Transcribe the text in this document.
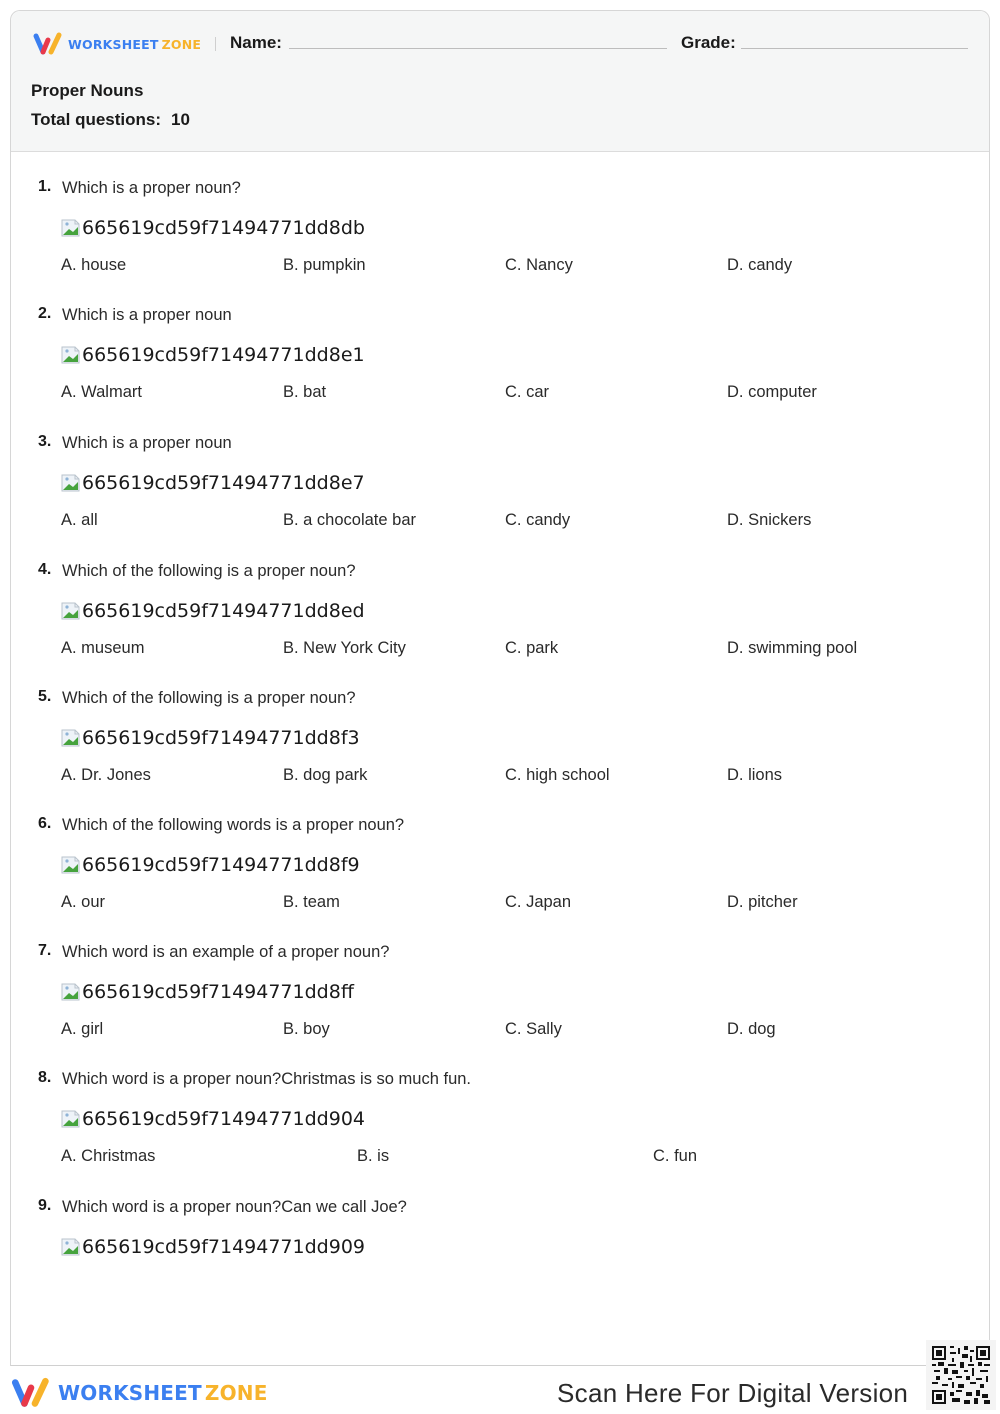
WORKSHEET ZONE Name:	Grade:
Proper Nouns
Total questions: 10
1. Which is a proper noun?
665619cd59f71494771dd8db
A. house	B. pumpkin	C. Nancy	D. candy
2. Which is a proper noun
665619cd59f71494771dd8e1
A. Walmart	B. bat	C. car	D. computer
3. Which is a proper noun
665619cd59f71494771dd8e7
A. all	B. a chocolate bar	C. candy	D. Snickers
4. Which of the following is a proper noun?
665619cd59f71494771dd8ed
A. museum	B. New York City	C. park	D. swimming pool
5. Which of the following is a proper noun?
665619cd59f71494771dd8f3
A. Dr. Jones	B. dog park	C. high school	D. lions
6. Which of the following words is a proper noun?
665619cd59f71494771dd8f9
A. our	B. team	C. Japan	D. pitcher
7. Which word is an example of a proper noun?
665619cd59f71494771dd8ff
A. girl	B. boy	C. Sally	D. dog
8. Which word is a proper noun?Christmas is so much fun.
665619cd59f71494771dd904
A. Christmas	B. is	C. fun
9. Which word is a proper noun?Can we call Joe?
665619cd59f71494771dd909
WORKSHEET ZONE	Scan Here For Digital Version
